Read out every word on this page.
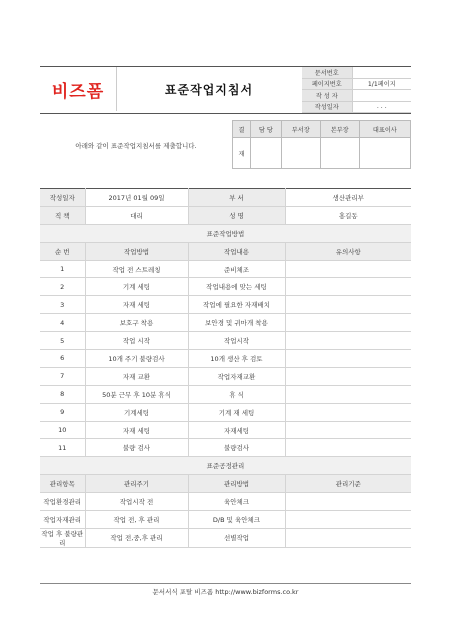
비즈폼	표준작업지침서
문서번호	
페이지번호	1/1페이지
작 성 자	
작성일자	. . .
아래와 같이 표준작업지침서를 제출합니다.
결	담 당	부서장	본부장	대표이사
재				
작성일자	2017년 01월 09일	부 서	생산관리부
직 책	대리	성 명	홍길동
표준작업방법			
순 번	작업방법	작업내용	유의사항
1	작업 전 스트레칭	준비체조	
2	기계 세팅	작업내용에 맞는 세팅	
3	자재 세팅	작업에 필요한 자재배치	
4	보호구 착용	보안경 및 귀마개 착용	
5	작업 시작	작업시작	
6	10개 주기 불량검사	10개 생산 후 검토	
7	자재 교환	작업자재교환	
8	50분 근무 후 10분 휴식	휴 식	
9	기계세팅	기계 재 세팅	
10	자재 세팅	자재세팅	
11	불량 검사	불량검사	
표준공정관리			
관리항목	관리주기	관리방법	관리기준
작업환경관리	작업시작 전	육안체크	
작업자재관리	작업 전, 후 관리	D/B 및 육안체크	
작업 후 불량관리	작업 전,중,후 관리	선별작업	
문서서식 포탈 비즈폼 http://www.bizforms.co.kr
